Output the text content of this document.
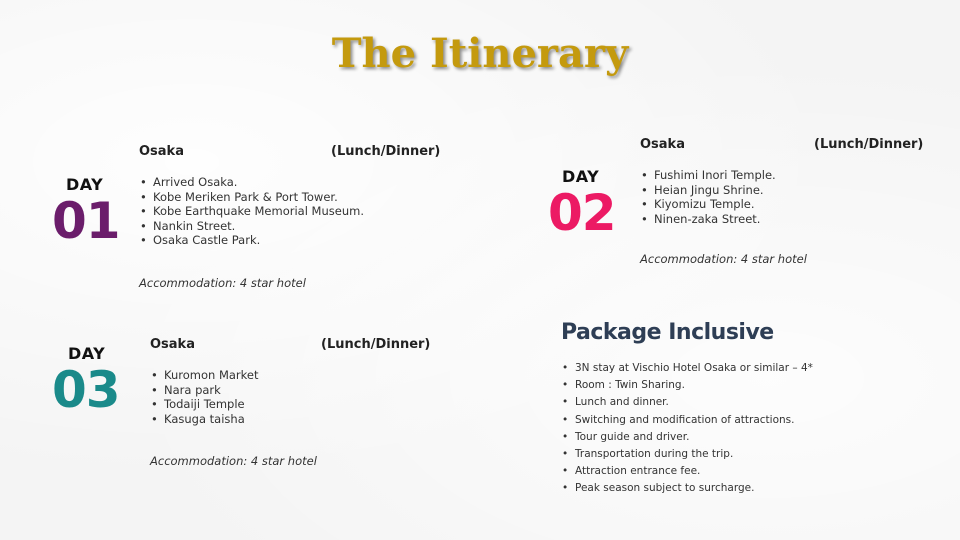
The Itinerary
DAY
01
Osaka	(Lunch/Dinner)
• Arrived Osaka.
• Kobe Meriken Park & Port Tower.
• Kobe Earthquake Memorial Museum.
• Nankin Street.
• Osaka Castle Park.
Accommodation: 4 star hotel
DAY
02
Osaka	(Lunch/Dinner)
• Fushimi Inori Temple.
• Heian Jingu Shrine.
• Kiyomizu Temple.
• Ninen-zaka Street.
Accommodation: 4 star hotel
DAY
03
Osaka	(Lunch/Dinner)
• Kuromon Market
• Nara park
• Todaiji Temple
• Kasuga taisha
Accommodation: 4 star hotel
Package Inclusive
• 3N stay at Vischio Hotel Osaka or similar – 4*
• Room : Twin Sharing.
• Lunch and dinner.
• Switching and modification of attractions.
• Tour guide and driver.
• Transportation during the trip.
• Attraction entrance fee.
• Peak season subject to surcharge.
